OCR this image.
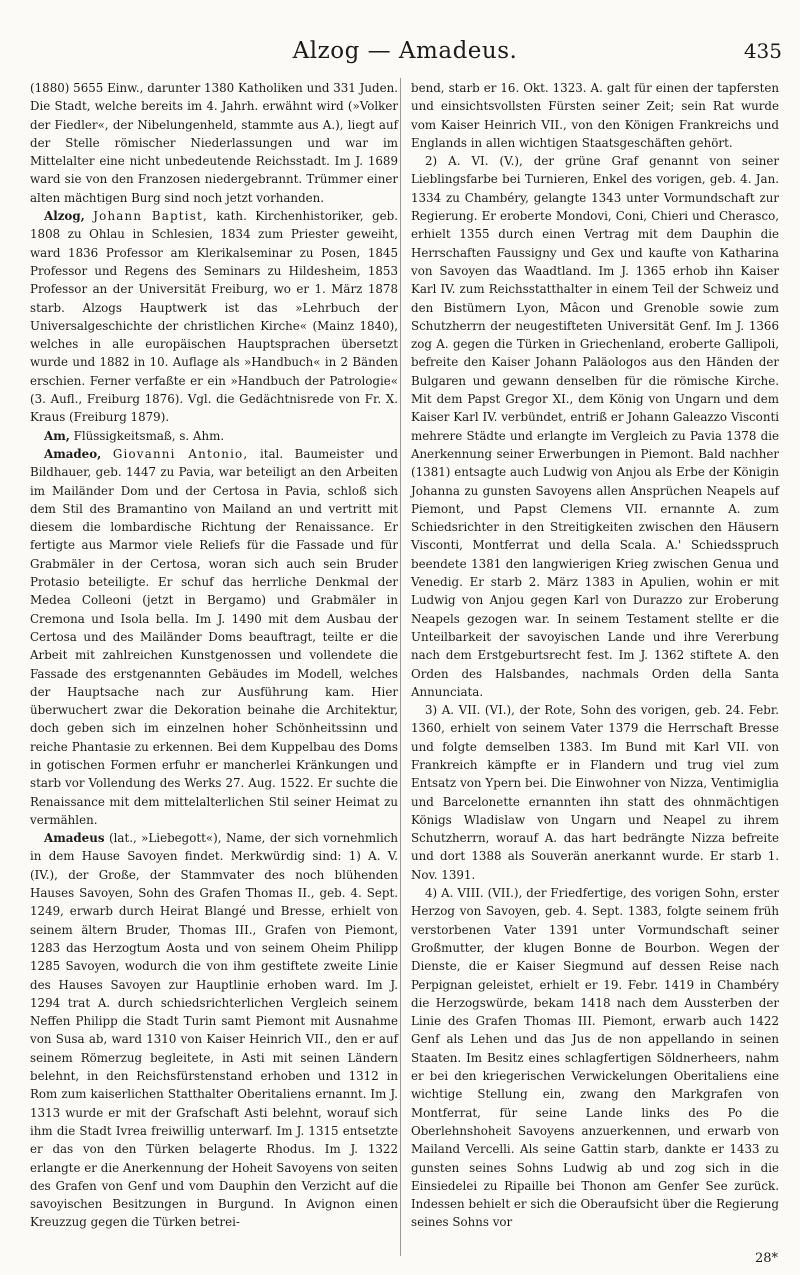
Alzog — Amadeus.	435

(1880) 5655 Einw., darunter 1380 Katholiken und 331 Juden. Die Stadt, welche bereits im 4. Jahrh. erwähnt wird (»Volker der Fiedler«, der Nibelungenheld, stammte aus A.), liegt auf der Stelle römischer Niederlassungen und war im Mittelalter eine nicht unbedeutende Reichsstadt. Im J. 1689 ward sie von den Franzosen niedergebrannt. Trümmer einer alten mächtigen Burg sind noch jetzt vorhanden.

Alzog, Johann Baptist, kath. Kirchenhistoriker, geb. 1808 zu Ohlau in Schlesien, 1834 zum Priester geweiht, ward 1836 Professor am Klerikalseminar zu Posen, 1845 Professor und Regens des Seminars zu Hildesheim, 1853 Professor an der Universität Freiburg, wo er 1. März 1878 starb. Alzogs Hauptwerk ist das »Lehrbuch der Universalgeschichte der christlichen Kirche« (Mainz 1840), welches in alle europäischen Hauptsprachen übersetzt wurde und 1882 in 10. Auflage als »Handbuch« in 2 Bänden erschien. Ferner verfaßte er ein »Handbuch der Patrologie« (3. Aufl., Freiburg 1876). Vgl. die Gedächtnisrede von Fr. X. Kraus (Freiburg 1879).

Am, Flüssigkeitsmaß, s. Ahm.

Amadeo, Giovanni Antonio, ital. Baumeister und Bildhauer, geb. 1447 zu Pavia, war beteiligt an den Arbeiten im Mailänder Dom und der Certosa in Pavia, schloß sich dem Stil des Bramantino von Mailand an und vertritt mit diesem die lombardische Richtung der Renaissance. Er fertigte aus Marmor viele Reliefs für die Fassade und für Grabmäler in der Certosa, woran sich auch sein Bruder Protasio beteiligte. Er schuf das herrliche Denkmal der Medea Colleoni (jetzt in Bergamo) und Grabmäler in Cremona und Isola bella. Im J. 1490 mit dem Ausbau der Certosa und des Mailänder Doms beauftragt, teilte er die Arbeit mit zahlreichen Kunstgenossen und vollendete die Fassade des erstgenannten Gebäudes im Modell, welches der Hauptsache nach zur Ausführung kam. Hier überwuchert zwar die Dekoration beinahe die Architektur, doch geben sich im einzelnen hoher Schönheitssinn und reiche Phantasie zu erkennen. Bei dem Kuppelbau des Doms in gotischen Formen erfuhr er mancherlei Kränkungen und starb vor Vollendung des Werks 27. Aug. 1522. Er suchte die Renaissance mit dem mittelalterlichen Stil seiner Heimat zu vermählen.

Amadeus (lat., »Liebegott«), Name, der sich vornehmlich in dem Hause Savoyen findet. Merkwürdig sind: 1) A. V. (IV.), der Große, der Stammvater des noch blühenden Hauses Savoyen, Sohn des Grafen Thomas II., geb. 4. Sept. 1249, erwarb durch Heirat Blangé und Bresse, erhielt von seinem ältern Bruder, Thomas III., Grafen von Piemont, 1283 das Herzogtum Aosta und von seinem Oheim Philipp 1285 Savoyen, wodurch die von ihm gestiftete zweite Linie des Hauses Savoyen zur Hauptlinie erhoben ward. Im J. 1294 trat A. durch schiedsrichterlichen Vergleich seinem Neffen Philipp die Stadt Turin samt Piemont mit Ausnahme von Susa ab, ward 1310 von Kaiser Heinrich VII., den er auf seinem Römerzug begleitete, in Asti mit seinen Ländern belehnt, in den Reichsfürstenstand erhoben und 1312 in Rom zum kaiserlichen Statthalter Oberitaliens ernannt. Im J. 1313 wurde er mit der Grafschaft Asti belehnt, worauf sich ihm die Stadt Ivrea freiwillig unterwarf. Im J. 1315 entsetzte er das von den Türken belagerte Rhodus. Im J. 1322 erlangte er die Anerkennung der Hoheit Savoyens von seiten des Grafen von Genf und vom Dauphin den Verzicht auf die savoyischen Besitzungen in Burgund. In Avignon einen Kreuzzug gegen die Türken betrei-

bend, starb er 16. Okt. 1323. A. galt für einen der tapfersten und einsichtsvollsten Fürsten seiner Zeit; sein Rat wurde vom Kaiser Heinrich VII., von den Königen Frankreichs und Englands in allen wichtigen Staatsgeschäften gehört.

2) A. VI. (V.), der grüne Graf genannt von seiner Lieblingsfarbe bei Turnieren, Enkel des vorigen, geb. 4. Jan. 1334 zu Chambéry, gelangte 1343 unter Vormundschaft zur Regierung. Er eroberte Mondovi, Coni, Chieri und Cherasco, erhielt 1355 durch einen Vertrag mit dem Dauphin die Herrschaften Faussigny und Gex und kaufte von Katharina von Savoyen das Waadtland. Im J. 1365 erhob ihn Kaiser Karl IV. zum Reichsstatthalter in einem Teil der Schweiz und den Bistümern Lyon, Mâcon und Grenoble sowie zum Schutzherrn der neugestifteten Universität Genf. Im J. 1366 zog A. gegen die Türken in Griechenland, eroberte Gallipoli, befreite den Kaiser Johann Paläologos aus den Händen der Bulgaren und gewann denselben für die römische Kirche. Mit dem Papst Gregor XI., dem König von Ungarn und dem Kaiser Karl IV. verbündet, entriß er Johann Galeazzo Visconti mehrere Städte und erlangte im Vergleich zu Pavia 1378 die Anerkennung seiner Erwerbungen in Piemont. Bald nachher (1381) entsagte auch Ludwig von Anjou als Erbe der Königin Johanna zu gunsten Savoyens allen Ansprüchen Neapels auf Piemont, und Papst Clemens VII. ernannte A. zum Schiedsrichter in den Streitigkeiten zwischen den Häusern Visconti, Montferrat und della Scala. A.' Schiedsspruch beendete 1381 den langwierigen Krieg zwischen Genua und Venedig. Er starb 2. März 1383 in Apulien, wohin er mit Ludwig von Anjou gegen Karl von Durazzo zur Eroberung Neapels gezogen war. In seinem Testament stellte er die Unteilbarkeit der savoyischen Lande und ihre Vererbung nach dem Erstgeburtsrecht fest. Im J. 1362 stiftete A. den Orden des Halsbandes, nachmals Orden della Santa Annunciata.

3) A. VII. (VI.), der Rote, Sohn des vorigen, geb. 24. Febr. 1360, erhielt von seinem Vater 1379 die Herrschaft Bresse und folgte demselben 1383. Im Bund mit Karl VII. von Frankreich kämpfte er in Flandern und trug viel zum Entsatz von Ypern bei. Die Einwohner von Nizza, Ventimiglia und Barcelonette ernannten ihn statt des ohnmächtigen Königs Wladislaw von Ungarn und Neapel zu ihrem Schutzherrn, worauf A. das hart bedrängte Nizza befreite und dort 1388 als Souverän anerkannt wurde. Er starb 1. Nov. 1391.

4) A. VIII. (VII.), der Friedfertige, des vorigen Sohn, erster Herzog von Savoyen, geb. 4. Sept. 1383, folgte seinem früh verstorbenen Vater 1391 unter Vormundschaft seiner Großmutter, der klugen Bonne de Bourbon. Wegen der Dienste, die er Kaiser Siegmund auf dessen Reise nach Perpignan geleistet, erhielt er 19. Febr. 1419 in Chambéry die Herzogswürde, bekam 1418 nach dem Aussterben der Linie des Grafen Thomas III. Piemont, erwarb auch 1422 Genf als Lehen und das Jus de non appellando in seinen Staaten. Im Besitz eines schlagfertigen Söldnerheers, nahm er bei den kriegerischen Verwickelungen Oberitaliens eine wichtige Stellung ein, zwang den Markgrafen von Montferrat, für seine Lande links des Po die Oberlehnshoheit Savoyens anzuerkennen, und erwarb von Mailand Vercelli. Als seine Gattin starb, dankte er 1433 zu gunsten seines Sohns Ludwig ab und zog sich in die Einsiedelei zu Ripaille bei Thonon am Genfer See zurück. Indessen behielt er sich die Oberaufsicht über die Regierung seines Sohns vor

28*
